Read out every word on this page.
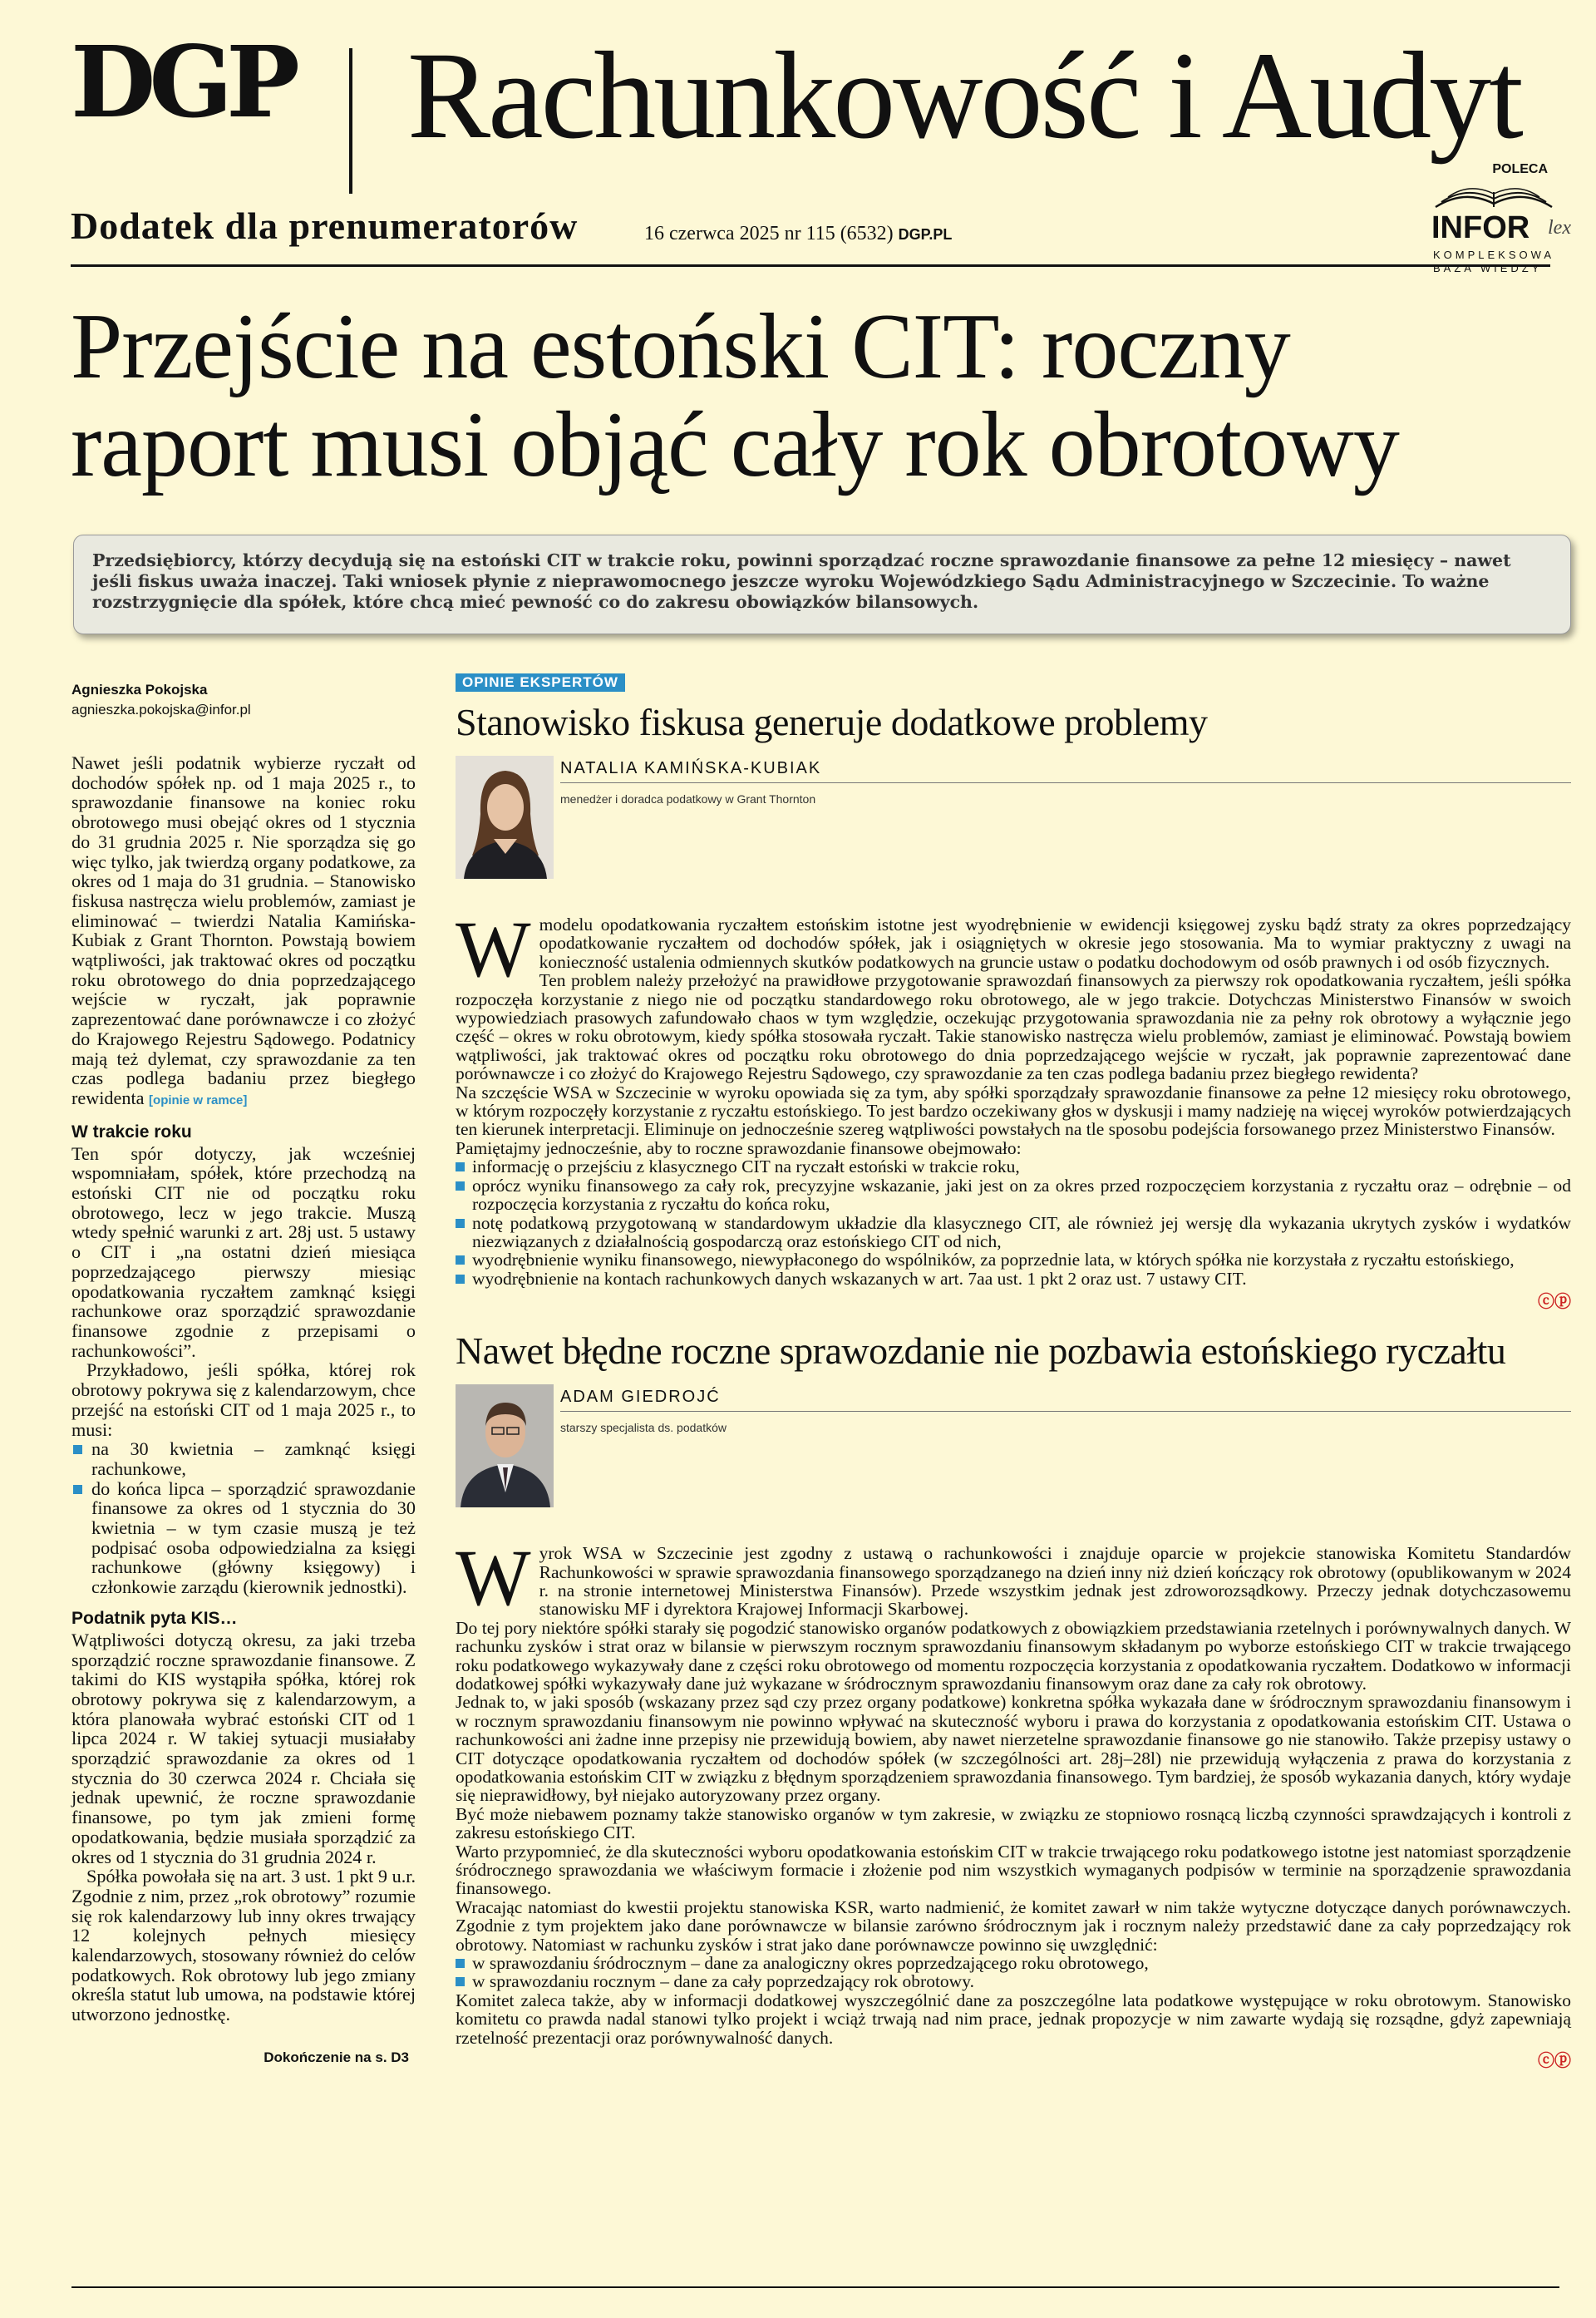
DGP Rachunkowość i Audyt
Dodatek dla prenumeratorów	16 czerwca 2025 nr 115 (6532) DGP.PL
POLECA
INFOR lex
KOMPLEKSOWA
BAZA WIEDZY
Przejście na estoński CIT: roczny
raport musi objąć cały rok obrotowy
Przedsiębiorcy, którzy decydują się na estoński CIT w trakcie roku, powinni sporządzać roczne sprawozdanie finansowe za pełne 12 miesięcy – nawet jeśli fiskus uważa inaczej. Taki wniosek płynie z nieprawomocnego jeszcze wyroku Wojewódzkiego Sądu Administracyjnego w Szczecinie. To ważne rozstrzygnięcie dla spółek, które chcą mieć pewność co do zakresu obowiązków bilansowych.
Agnieszka Pokojska
agnieszka.pokojska@infor.pl

Nawet jeśli podatnik wybierze ryczałt od dochodów spółek np. od 1 maja 2025 r., to sprawozdanie finansowe na koniec roku obrotowego musi obejąć okres od 1 stycznia do 31 grudnia 2025 r. Nie sporządza się go więc tylko, jak twierdzą organy podatkowe, za okres od 1 maja do 31 grudnia. – Stanowisko fiskusa nastręcza wielu problemów, zamiast je eliminować – twierdzi Natalia Kamińska-Kubiak z Grant Thornton. Powstają bowiem wątpliwości, jak traktować okres od początku roku obrotowego do dnia poprzedzającego wejście w ryczałt, jak poprawnie zaprezentować dane porównawcze i co złożyć do Krajowego Rejestru Sądowego. Podatnicy mają też dylemat, czy sprawozdanie za ten czas podlega badaniu przez biegłego rewidenta [opinie w ramce]

W trakcie roku

Ten spór dotyczy, jak wcześniej wspomniałam, spółek, które przechodzą na estoński CIT nie od początku roku obrotowego, lecz w jego trakcie. Muszą wtedy spełnić warunki z art. 28j ust. 5 ustawy o CIT i „na ostatni dzień miesiąca poprzedzającego pierwszy miesiąc opodatkowania ryczałtem zamknąć księgi rachunkowe oraz sporządzić sprawozdanie finansowe zgodnie z przepisami o rachunkowości”.

Przykładowo, jeśli spółka, której rok obrotowy pokrywa się z kalendarzowym, chce przejść na estoński CIT od 1 maja 2025 r., to musi:

na 30 kwietnia – zamknąć księgi rachunkowe,
do końca lipca – sporządzić sprawozdanie finansowe za okres od 1 stycznia do 30 kwietnia – w tym czasie muszą je też podpisać osoba odpowiedzialna za księgi rachunkowe (główny księgowy) i członkowie zarządu (kierownik jednostki).
Podatnik pyta KIS…

Wątpliwości dotyczą okresu, za jaki trzeba sporządzić roczne sprawozdanie finansowe. Z takimi do KIS wystąpiła spółka, której rok obrotowy pokrywa się z kalendarzowym, a która planowała wybrać estoński CIT od 1 lipca 2024 r. W takiej sytuacji musiałaby sporządzić sprawozdanie za okres od 1 stycznia do 30 czerwca 2024 r. Chciała się jednak upewnić, że roczne sprawozdanie finansowe, po tym jak zmieni formę opodatkowania, będzie musiała sporządzić za okres od 1 stycznia do 31 grudnia 2024 r.

Spółka powołała się na art. 3 ust. 1 pkt 9 u.r. Zgodnie z nim, przez „rok obrotowy” rozumie się rok kalendarzowy lub inny okres trwający 12 kolejnych pełnych miesięcy kalendarzowych, stosowany również do celów podatkowych. Rok obrotowy lub jego zmiany określa statut lub umowa, na podstawie której utworzono jednostkę.

Dokończenie na s. D3
OPINIE EKSPERTÓW
Stanowisko fiskusa generuje dodatkowe problemy
NATALIA KAMIŃSKA-KUBIAK
menedżer i doradca podatkowy w Grant Thornton
W modelu opodatkowania ryczałtem estońskim istotne jest wyodrębnienie w ewidencji księgowej zysku bądź straty za okres poprzedzający opodatkowanie ryczałtem od dochodów spółek, jak i osiągniętych w okresie jego stosowania. Ma to wymiar praktyczny z uwagi na konieczność ustalenia odmiennych skutków podatkowych na gruncie ustaw o podatku dochodowym od osób prawnych i od osób fizycznych.

Ten problem należy przełożyć na prawidłowe przygotowanie sprawozdań finansowych za pierwszy rok opodatkowania ryczałtem, jeśli spółka rozpoczęła korzystanie z niego nie od początku standardowego roku obrotowego, ale w jego trakcie. Dotychczas Ministerstwo Finansów w swoich wypowiedziach prasowych zafundowało chaos w tym względzie, oczekując przygotowania sprawozdania nie za pełny rok obrotowy a wyłącznie jego część – okres w roku obrotowym, kiedy spółka stosowała ryczałt. Takie stanowisko nastręcza wielu problemów, zamiast je eliminować. Powstają bowiem wątpliwości, jak traktować okres od początku roku obrotowego do dnia poprzedzającego wejście w ryczałt, jak poprawnie zaprezentować dane porównawcze i co złożyć do Krajowego Rejestru Sądowego, czy sprawozdanie za ten czas podlega badaniu przez biegłego rewidenta?

Na szczęście WSA w Szczecinie w wyroku opowiada się za tym, aby spółki sporządzały sprawozdanie finansowe za pełne 12 miesięcy roku obrotowego, w którym rozpoczęły korzystanie z ryczałtu estońskiego. To jest bardzo oczekiwany głos w dyskusji i mamy nadzieję na więcej wyroków potwierdzających ten kierunek interpretacji. Eliminuje on jednocześnie szereg wątpliwości powstałych na tle sposobu podejścia forsowanego przez Ministerstwo Finansów.

Pamiętajmy jednocześnie, aby to roczne sprawozdanie finansowe obejmowało:

informację o przejściu z klasycznego CIT na ryczałt estoński w trakcie roku,
oprócz wyniku finansowego za cały rok, precyzyjne wskazanie, jaki jest on za okres przed rozpoczęciem korzystania z ryczałtu oraz – odrębnie – od rozpoczęcia korzystania z ryczałtu do końca roku,
notę podatkową przygotowaną w standardowym układzie dla klasycznego CIT, ale również jej wersję dla wykazania ukrytych zysków i wydatków niezwiązanych z działalnością gospodarczą oraz estońskiego CIT od nich,
wyodrębnienie wyniku finansowego, niewypłaconego do wspólników, za poprzednie lata, w których spółka nie korzystała z ryczałtu estońskiego,
wyodrębnienie na kontach rachunkowych danych wskazanych w art. 7aa ust. 1 pkt 2 oraz ust. 7 ustawy CIT.
ⓒⓟ
Nawet błędne roczne sprawozdanie nie pozbawia estońskiego ryczałtu
ADAM GIEDROJĆ
starszy specjalista ds. podatków
W yrok WSA w Szczecinie jest zgodny z ustawą o rachunkowości i znajduje oparcie w projekcie stanowiska Komitetu Standardów Rachunkowości w sprawie sprawozdania finansowego sporządzanego na dzień inny niż dzień kończący rok obrotowy (opublikowanym w 2024 r. na stronie internetowej Ministerstwa Finansów). Przede wszystkim jednak jest zdroworozsądkowy. Przeczy jednak dotychczasowemu stanowisku MF i dyrektora Krajowej Informacji Skarbowej.

Do tej pory niektóre spółki starały się pogodzić stanowisko organów podatkowych z obowiązkiem przedstawiania rzetelnych i porównywalnych danych. W rachunku zysków i strat oraz w bilansie w pierwszym rocznym sprawozdaniu finansowym składanym po wyborze estońskiego CIT w trakcie trwającego roku podatkowego wykazywały dane z części roku obrotowego od momentu rozpoczęcia korzystania z opodatkowania ryczałtem. Dodatkowo w informacji dodatkowej spółki wykazywały dane już wykazane w śródrocznym sprawozdaniu finansowym oraz dane za cały rok obrotowy.

Jednak to, w jaki sposób (wskazany przez sąd czy przez organy podatkowe) konkretna spółka wykazała dane w śródrocznym sprawozdaniu finansowym i w rocznym sprawozdaniu finansowym nie powinno wpływać na skuteczność wyboru i prawa do korzystania z opodatkowania estońskim CIT. Ustawa o rachunkowości ani żadne inne przepisy nie przewidują bowiem, aby nawet nierzetelne sprawozdanie finansowe go nie stanowiło. Także przepisy ustawy o CIT dotyczące opodatkowania ryczałtem od dochodów spółek (w szczególności art. 28j–28l) nie przewidują wyłączenia z prawa do korzystania z opodatkowania estońskim CIT w związku z błędnym sporządzeniem sprawozdania finansowego. Tym bardziej, że sposób wykazania danych, który wydaje się nieprawidłowy, był niejako autoryzowany przez organy.

Być może niebawem poznamy także stanowisko organów w tym zakresie, w związku ze stopniowo rosnącą liczbą czynności sprawdzających i kontroli z zakresu estońskiego CIT.

Warto przypomnieć, że dla skuteczności wyboru opodatkowania estońskim CIT w trakcie trwającego roku podatkowego istotne jest natomiast sporządzenie śródrocznego sprawozdania we właściwym formacie i złożenie pod nim wszystkich wymaganych podpisów w terminie na sporządzenie sprawozdania finansowego.

Wracając natomiast do kwestii projektu stanowiska KSR, warto nadmienić, że komitet zawarł w nim także wytyczne dotyczące danych porównawczych. Zgodnie z tym projektem jako dane porównawcze w bilansie zarówno śródrocznym jak i rocznym należy przedstawić dane za cały poprzedzający rok obrotowy. Natomiast w rachunku zysków i strat jako dane porównawcze powinno się uwzględnić:

w sprawozdaniu śródrocznym – dane za analogiczny okres poprzedzającego roku obrotowego,
w sprawozdaniu rocznym – dane za cały poprzedzający rok obrotowy.

Komitet zaleca także, aby w informacji dodatkowej wyszczególnić dane za poszczególne lata podatkowe występujące w roku obrotowym. Stanowisko komitetu co prawda nadal stanowi tylko projekt i wciąż trwają nad nim prace, jednak propozycje w nim zawarte wydają się rozsądne, gdyż zapewniają rzetelność prezentacji oraz porównywalność danych.

ⓒⓟ
